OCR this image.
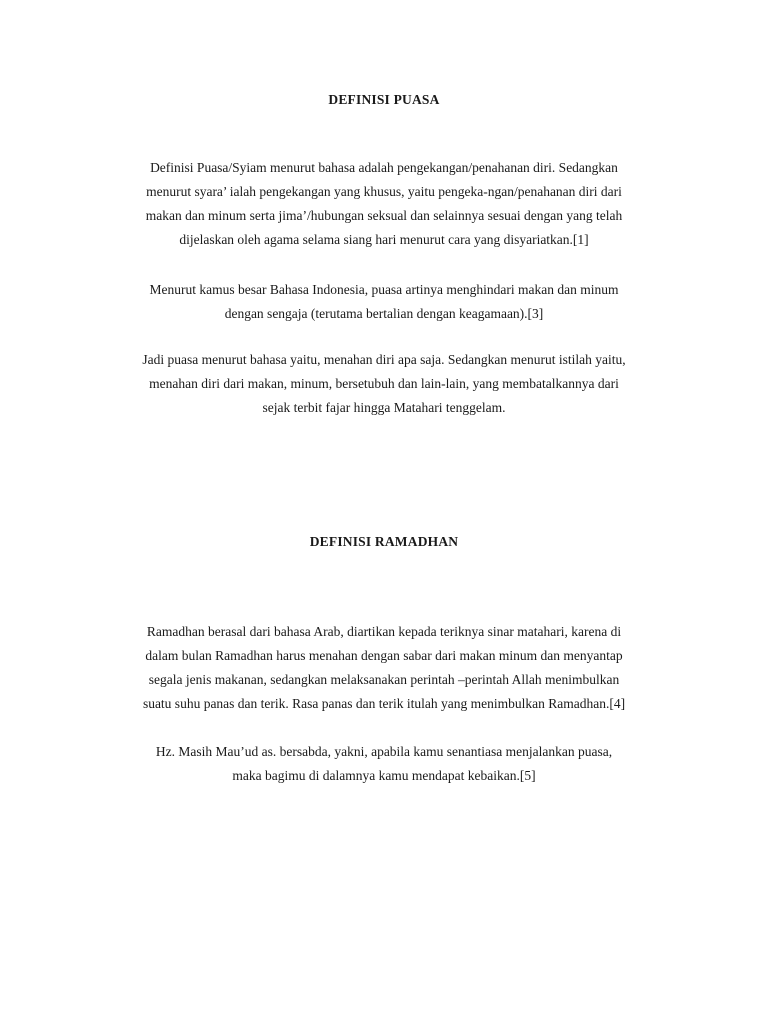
DEFINISI PUASA
Definisi Puasa/Syiam menurut bahasa adalah pengekangan/penahanan diri. Sedangkan
menurut syara’ ialah pengekangan yang khusus, yaitu pengeka-ngan/penahanan diri dari
makan dan minum serta jima’/hubungan seksual dan selainnya sesuai dengan yang telah
dijelaskan oleh agama selama siang hari menurut cara yang disyariatkan.[1]
Menurut kamus besar Bahasa Indonesia, puasa artinya menghindari makan dan minum
dengan sengaja (terutama bertalian dengan keagamaan).[3]
Jadi puasa menurut bahasa yaitu, menahan diri apa saja. Sedangkan menurut istilah yaitu,
menahan diri dari makan, minum, bersetubuh dan lain-lain, yang membatalkannya dari
sejak terbit fajar hingga Matahari tenggelam.
DEFINISI RAMADHAN
Ramadhan berasal dari bahasa Arab, diartikan kepada teriknya sinar matahari, karena di
dalam bulan Ramadhan harus menahan dengan sabar dari makan minum dan menyantap
segala jenis makanan, sedangkan melaksanakan perintah –perintah Allah menimbulkan
suatu suhu panas dan terik. Rasa panas dan terik itulah yang menimbulkan Ramadhan.[4]
Hz. Masih Mau’ud as. bersabda, yakni, apabila kamu senantiasa menjalankan puasa,
maka bagimu di dalamnya kamu mendapat kebaikan.[5]
